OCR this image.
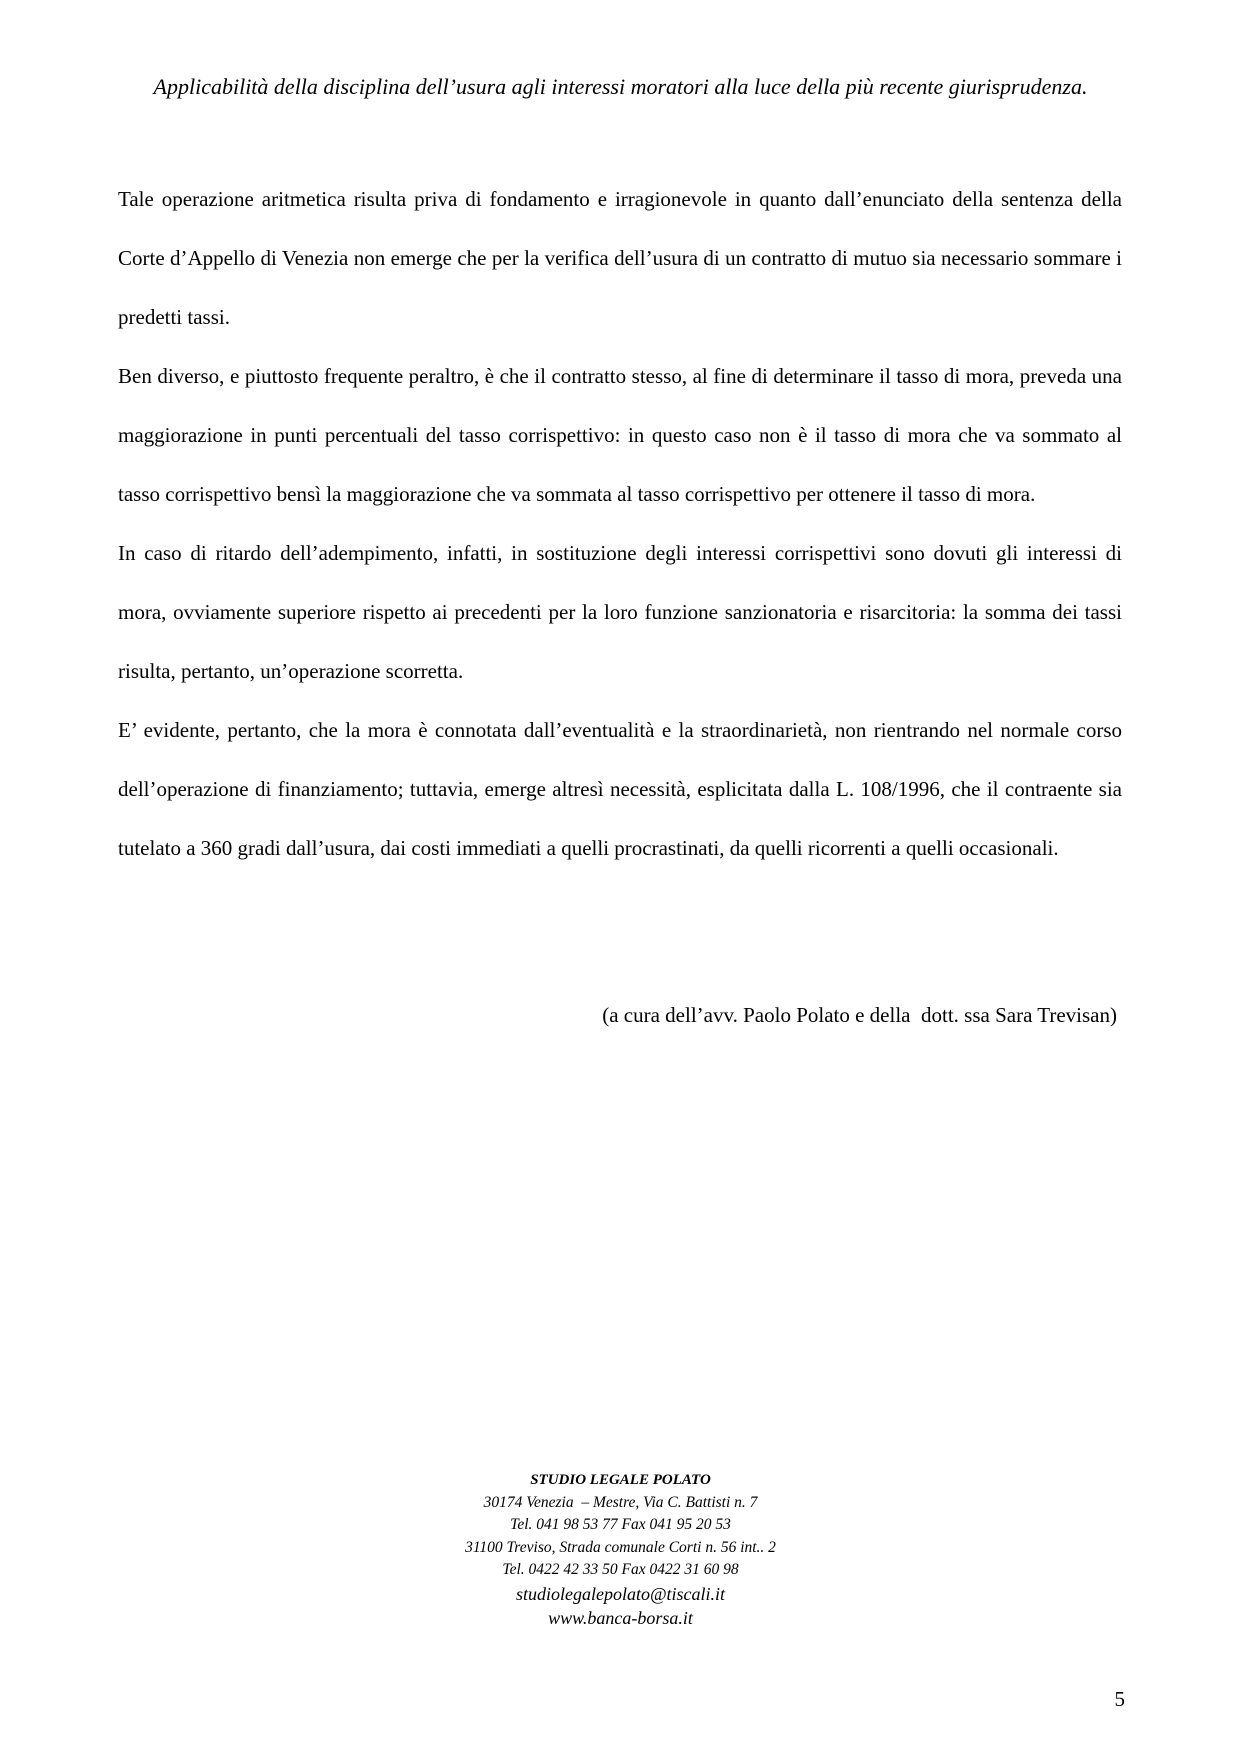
Applicabilità della disciplina dell’usura agli interessi moratori alla luce della più recente giurisprudenza.

Tale operazione aritmetica risulta priva di fondamento e irragionevole in quanto dall’enunciato della sentenza della Corte d’Appello di Venezia non emerge che per la verifica dell’usura di un contratto di mutuo sia necessario sommare i predetti tassi.

Ben diverso, e piuttosto frequente peraltro, è che il contratto stesso, al fine di determinare il tasso di mora, preveda una maggiorazione in punti percentuali del tasso corrispettivo: in questo caso non è il tasso di mora che va sommato al tasso corrispettivo bensì la maggiorazione che va sommata al tasso corrispettivo per ottenere il tasso di mora.

In caso di ritardo dell’adempimento, infatti, in sostituzione degli interessi corrispettivi sono dovuti gli interessi di mora, ovviamente superiore rispetto ai precedenti per la loro funzione sanzionatoria e risarcitoria: la somma dei tassi risulta, pertanto, un’operazione scorretta.

E’ evidente, pertanto, che la mora è connotata dall’eventualità e la straordinarietà, non rientrando nel normale corso dell’operazione di finanziamento; tuttavia, emerge altresì necessità, esplicitata dalla L. 108/1996, che il contraente sia tutelato a 360 gradi dall’usura, dai costi immediati a quelli procrastinati, da quelli ricorrenti a quelli occasionali.

(a cura dell’avv. Paolo Polato e della  dott. ssa Sara Trevisan)
STUDIO LEGALE POLATO
30174 Venezia  – Mestre, Via C. Battisti n. 7
Tel. 041 98 53 77 Fax 041 95 20 53
31100 Treviso, Strada comunale Corti n. 56 int.. 2
Tel. 0422 42 33 50 Fax 0422 31 60 98
studiolegalepolato@tiscali.it
www.banca-borsa.it
5
